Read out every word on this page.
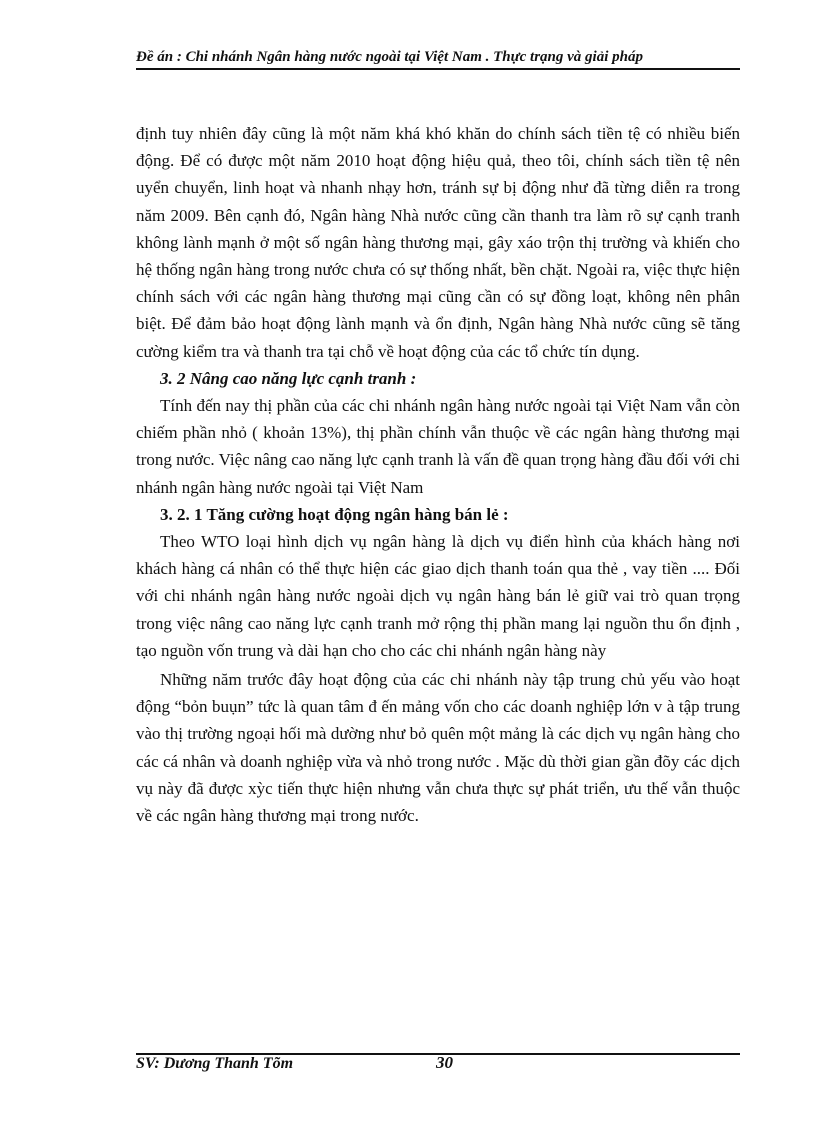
Đề án : Chi nhánh Ngân hàng nước ngoài tại Việt Nam . Thực trạng và giải pháp

định tuy nhiên đây cũng là một năm khá khó khăn do chính sách tiền tệ có nhiều biến động. Để có được một năm 2010 hoạt động hiệu quả, theo tôi, chính sách tiền tệ nên uyển chuyển, linh hoạt và nhanh nhạy hơn, tránh sự bị động như đã từng diễn ra trong năm 2009. Bên cạnh đó, Ngân hàng Nhà nước cũng cần thanh tra làm rõ sự cạnh tranh không lành mạnh ở một số ngân hàng thương mại, gây xáo trộn thị trường và khiến cho hệ thống ngân hàng trong nước chưa có sự thống nhất, bền chặt. Ngoài ra, việc thực hiện chính sách với các ngân hàng thương mại cũng cần có sự đồng loạt, không nên phân biệt. Để đảm bảo hoạt động lành mạnh và ổn định, Ngân hàng Nhà nước cũng sẽ tăng cường kiểm tra và thanh tra tại chỗ về hoạt động của các tổ chức tín dụng.

3. 2 Nâng cao năng lực cạnh tranh :

Tính đến nay thị phần của các chi nhánh ngân hàng nước ngoài tại Việt Nam vẫn còn chiếm phần nhỏ ( khoản 13%), thị phần chính vẫn thuộc về các ngân hàng thương mại trong nước. Việc nâng cao năng lực cạnh tranh là vấn đề quan trọng hàng đầu đối với chi nhánh ngân hàng nước ngoài tại Việt Nam

3. 2. 1 Tăng cường hoạt động ngân hàng bán lẻ :

Theo WTO loại hình dịch vụ ngân hàng là dịch vụ điển hình của khách hàng nơi khách hàng cá nhân có thể thực hiện các giao dịch thanh toán qua thẻ , vay tiền .... Đối với chi nhánh ngân hàng nước ngoài dịch vụ ngân hàng bán lẻ giữ vai trò quan trọng trong việc nâng cao năng lực cạnh tranh mở rộng thị phần mang lại nguồn thu ổn định , tạo nguồn vốn trung và dài hạn cho cho các chi nhánh ngân hàng này

Những năm trước đây hoạt động của các chi nhánh này tập trung chủ yếu vào hoạt động “bỏn buụn” tức là quan tâm đ ến mảng vốn cho các doanh nghiệp lớn v à tập trung vào thị trường ngoại hối mà dường như bỏ quên một mảng là các dịch vụ ngân hàng cho các cá nhân và doanh nghiệp vừa và nhỏ trong nước . Mặc dù thời gian gần đõy các dịch vụ này đã được xỳc tiến thực hiện nhưng vẫn chưa thực sự phát triển, ưu thế vẫn thuộc về các ngân hàng thương mại trong nước.

SV: Dương Thanh Tõm	30
